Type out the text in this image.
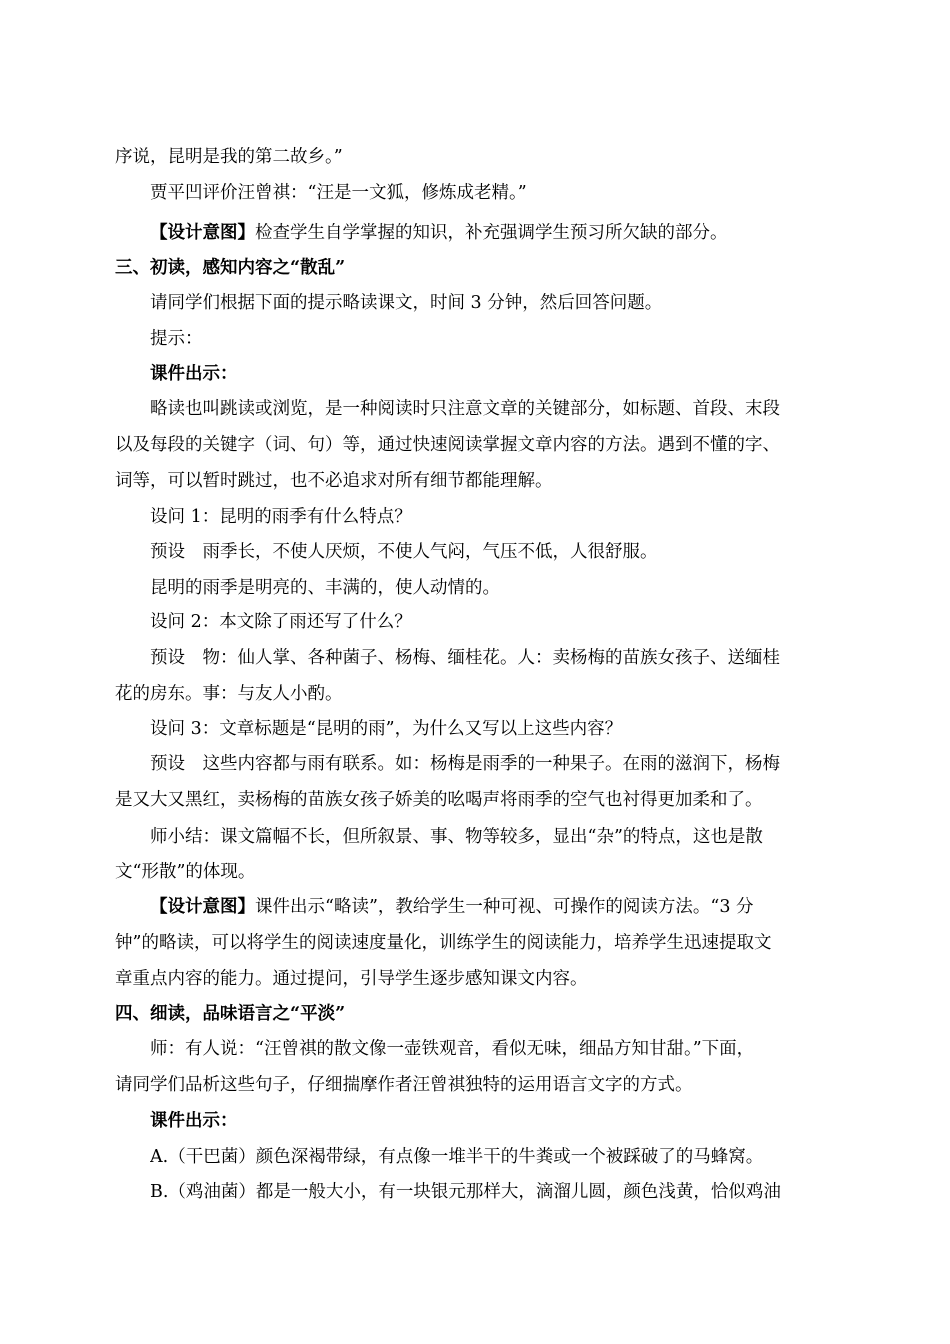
序说，昆明是我的第二故乡。”
贾平凹评价汪曾祺：“汪是一文狐，修炼成老精。”
【设计意图】检查学生自学掌握的知识，补充强调学生预习所欠缺的部分。
三、初读，感知内容之“散乱”
请同学们根据下面的提示略读课文，时间 3 分钟，然后回答问题。
提示：
课件出示：
略读也叫跳读或浏览，是一种阅读时只注意文章的关键部分，如标题、首段、末段
以及每段的关键字（词、句）等，通过快速阅读掌握文章内容的方法。遇到不懂的字、
词等，可以暂时跳过，也不必追求对所有细节都能理解。
设问 1：昆明的雨季有什么特点？
预设　雨季长，不使人厌烦，不使人气闷，气压不低，人很舒服。
昆明的雨季是明亮的、丰满的，使人动情的。
设问 2：本文除了雨还写了什么？
预设　物：仙人掌、各种菌子、杨梅、缅桂花。人：卖杨梅的苗族女孩子、送缅桂
花的房东。事：与友人小酌。
设问 3：文章标题是“昆明的雨”，为什么又写以上这些内容？
预设　这些内容都与雨有联系。如：杨梅是雨季的一种果子。在雨的滋润下，杨梅
是又大又黑红，卖杨梅的苗族女孩子娇美的吆喝声将雨季的空气也衬得更加柔和了。
师小结：课文篇幅不长，但所叙景、事、物等较多，显出“杂”的特点，这也是散
文“形散”的体现。
【设计意图】课件出示“略读”，教给学生一种可视、可操作的阅读方法。“3 分
钟”的略读，可以将学生的阅读速度量化，训练学生的阅读能力，培养学生迅速提取文
章重点内容的能力。通过提问，引导学生逐步感知课文内容。
四、细读，品味语言之“平淡”
师：有人说：“汪曾祺的散文像一壶铁观音，看似无味，细品方知甘甜。”下面，
请同学们品析这些句子，仔细揣摩作者汪曾祺独特的运用语言文字的方式。
课件出示：
A.（干巴菌）颜色深褐带绿，有点像一堆半干的牛粪或一个被踩破了的马蜂窝。
B.（鸡油菌）都是一般大小，有一块银元那样大，滴溜儿圆，颜色浅黄，恰似鸡油
